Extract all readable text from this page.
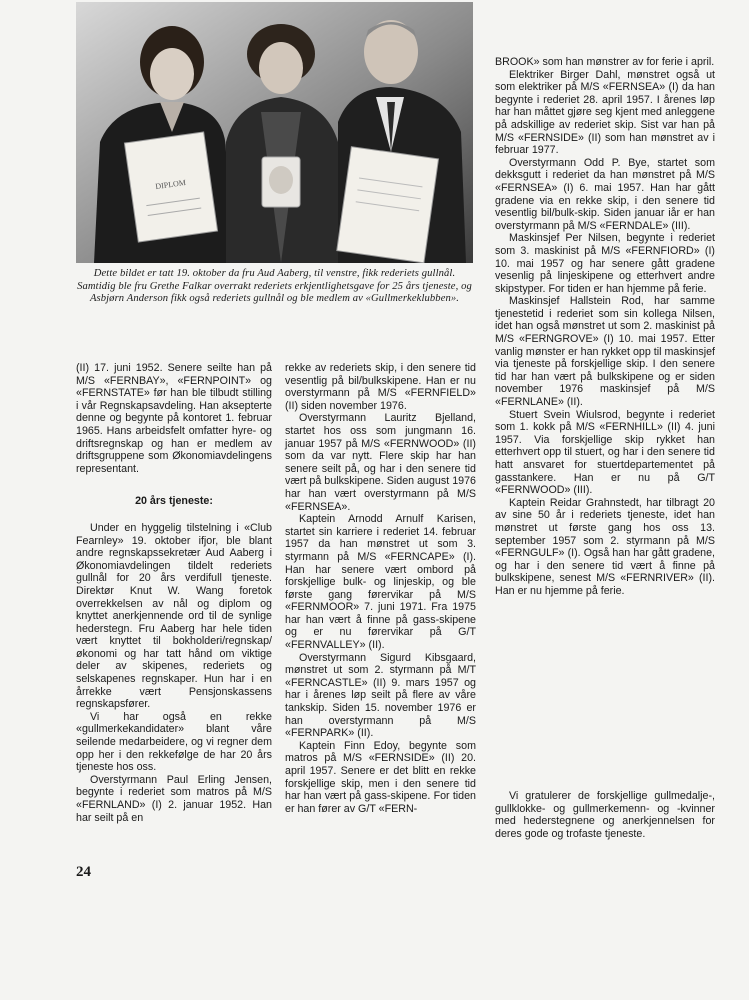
DIPLOM
Dette bildet er tatt 19. oktober da fru Aud Aaberg, til venstre, fikk rederiets gullnål. Samtidig ble fru Grethe Falkar overrakt rederiets erkjentlighetsgave for 25 års tjeneste, og Asbjørn Anderson fikk også rederiets gullnål og ble medlem av «Gullmerkeklubben».

(II) 17. juni 1952. Senere seilte han på M/S «FERNBAY», «FERNPOINT» og «FERNSTATE» før han ble tilbudt stilling i vår Regnskapsavdeling. Han aksepterte denne og begynte på kontoret 1. februar 1965. Hans arbeidsfelt omfatter hyre- og driftsregnskap og han er medlem av driftsgruppene som Økonomiavdelingens representant.

20 års tjeneste:

Under en hyggelig tilstelning i «Club Fearnley» 19. oktober ifjor, ble blant andre regnskapssekretær Aud Aaberg i Økonomiavdelingen tildelt rederiets gullnål for 20 års verdifull tjeneste. Direktør Knut W. Wang foretok overrekkelsen av nål og diplom og knyttet anerkjennende ord til de synlige hederstegn. Fru Aaberg har hele tiden vært knyttet til bokholderi/regnskap/økonomi og har tatt hånd om viktige deler av skipenes, rederiets og selskapenes regnskaper. Hun har i en årrekke vært Pensjonskassens regnskapsfører.

Vi har også en rekke «gullmerkekandidater» blant våre seilende medarbeidere, og vi regner dem opp her i den rekkefølge de har 20 års tjeneste hos oss.

Overstyrmann Paul Erling Jensen, begynte i rederiet som matros på M/S «FERNLAND» (I) 2. januar 1952. Han har seilt på en

rekke av rederiets skip, i den senere tid vesentlig på bil/bulkskipene. Han er nu overstyrmann på M/S «FERNFIELD» (II) siden november 1976.

Overstyrmann Lauritz Bjelland, startet hos oss som jungmann 16. januar 1957 på M/S «FERNWOOD» (II) som da var nytt. Flere skip har han senere seilt på, og har i den senere tid vært på bulkskipene. Siden august 1976 har han vært overstyrmann på M/S «FERNSEA».

Kaptein Arnodd Arnulf Karisen, startet sin karriere i rederiet 14. februar 1957 da han mønstret ut som 3. styrmann på M/S «FERNCAPE» (I). Han har senere vært ombord på forskjellige bulk- og linjeskip, og ble første gang førervikar på M/S «FERNMOOR» 7. juni 1971. Fra 1975 har han vært å finne på gass-skipene og er nu førervikar på G/T «FERNVALLEY» (II).

Overstyrmann Sigurd Kibsgaard, mønstret ut som 2. styrmann på M/T «FERNCASTLE» (II) 9. mars 1957 og har i årenes løp seilt på flere av våre tankskip. Siden 15. november 1976 er han overstyrmann på M/S «FERNPARK» (II).

Kaptein Finn Edoy, begynte som matros på M/S «FERNSIDE» (II) 20. april 1957. Senere er det blitt en rekke forskjellige skip, men i den senere tid har han vært på gass-skipene. For tiden er han fører av G/T «FERN-

BROOK» som han mønstrer av for ferie i april.

Elektriker Birger Dahl, mønstret også ut som elektriker på M/S «FERNSEA» (I) da han begynte i rederiet 28. april 1957. I årenes løp har han måttet gjøre seg kjent med anleggene på adskillige av rederiet skip. Sist var han på M/S «FERNSIDE» (II) som han mønstret av i februar 1977.

Overstyrmann Odd P. Bye, startet som dekksgutt i rederiet da han mønstret på M/S «FERNSEA» (I) 6. mai 1957. Han har gått gradene via en rekke skip, i den senere tid vesentlig bil/bulk-skip. Siden januar iår er han overstyrmann på M/S «FERNDALE» (III).

Maskinsjef Per Nilsen, begynte i rederiet som 3. maskinist på M/S «FERNFIORD» (I) 10. mai 1957 og har senere gått gradene vesenlig på linjeskipene og etterhvert andre skipstyper. For tiden er han hjemme på ferie.

Maskinsjef Hallstein Rod, har samme tjenestetid i rederiet som sin kollega Nilsen, idet han også mønstret ut som 2. maskinist på M/S «FERNGROVE» (I) 10. mai 1957. Etter vanlig mønster er han rykket opp til maskinsjef via tjeneste på forskjellige skip. I den senere tid har han vært på bulkskipene og er siden november 1976 maskinsjef på M/S «FERNLANE» (II).

Stuert Svein Wiulsrod, begynte i rederiet som 1. kokk på M/S «FERNHILL» (II) 4. juni 1957. Via forskjellige skip rykket han etterhvert opp til stuert, og har i den senere tid hatt ansvaret for stuertdepartementet på gasstankere. Han er nu på G/T «FERNWOOD» (III).

Kaptein Reidar Grahnstedt, har tilbragt 20 av sine 50 år i rederiets tjeneste, idet han mønstret ut første gang hos oss 13. september 1957 som 2. styrmann på M/S «FERNGULF» (I). Også han har gått gradene, og har i den senere tid vært å finne på bulkskipene, senest M/S «FERNRIVER» (II). Han er nu hjemme på ferie.

Vi gratulerer de forskjellige gullmedalje-, gullklokke- og gullmerkemenn- og -kvinner med hederstegnene og anerkjennelsen for deres gode og trofaste tjeneste.

24
